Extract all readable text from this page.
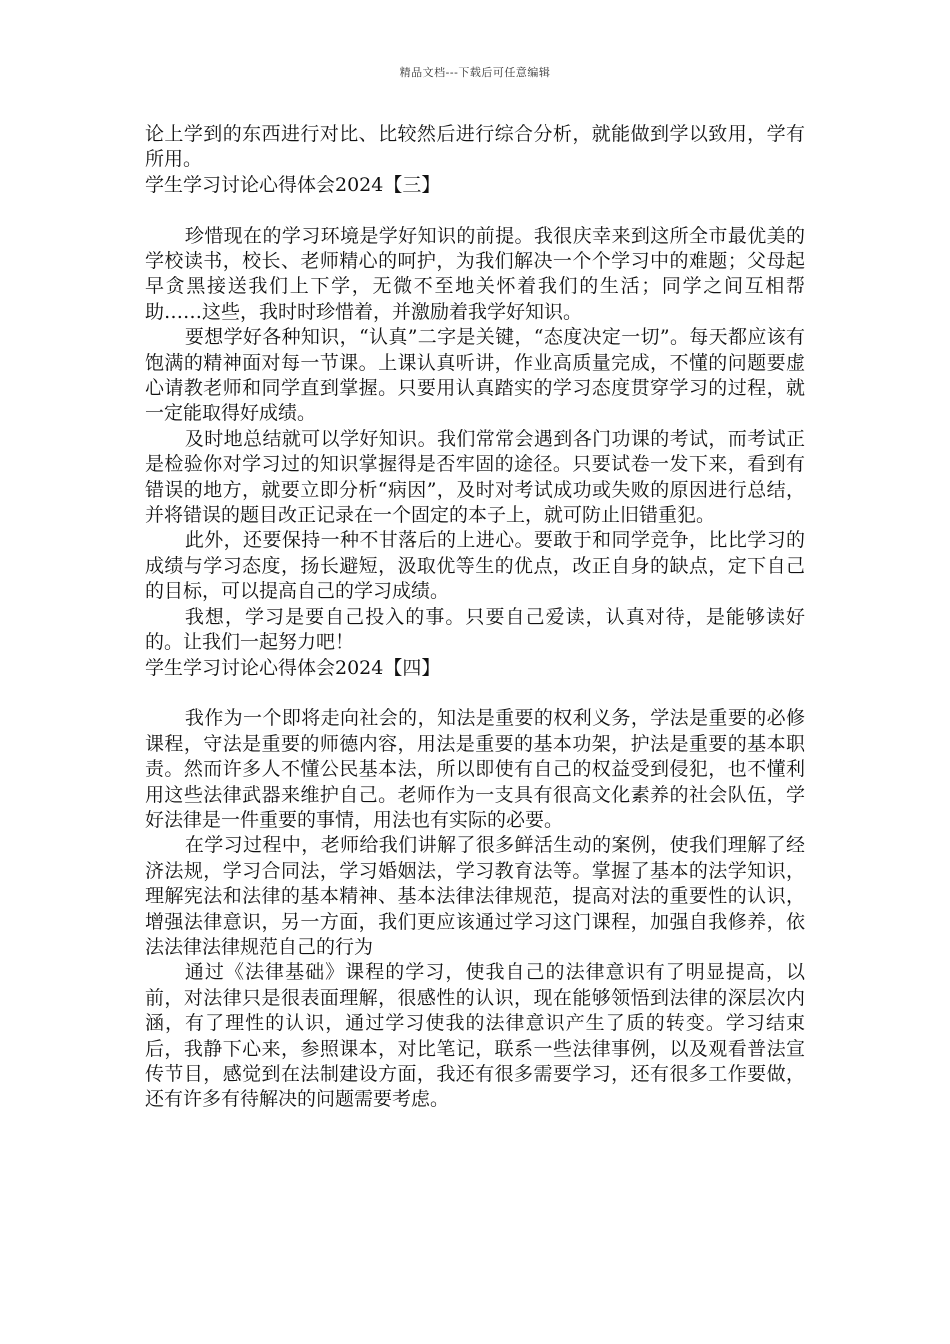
精品文档---下载后可任意编辑

论上学到的东西进行对比、比较然后进行综合分析，就能做到学以致用，学有所用。

学生学习讨论心得体会2024【三】

珍惜现在的学习环境是学好知识的前提。我很庆幸来到这所全市最优美的学校读书，校长、老师精心的呵护，为我们解决一个个学习中的难题；父母起早贪黑接送我们上下学，无微不至地关怀着我们的生活；同学之间互相帮助……这些，我时时珍惜着，并激励着我学好知识。

要想学好各种知识，“认真”二字是关键，“态度决定一切”。每天都应该有饱满的精神面对每一节课。上课认真听讲，作业高质量完成，不懂的问题要虚心请教老师和同学直到掌握。只要用认真踏实的学习态度贯穿学习的过程，就一定能取得好成绩。

及时地总结就可以学好知识。我们常常会遇到各门功课的考试，而考试正是检验你对学习过的知识掌握得是否牢固的途径。只要试卷一发下来，看到有错误的地方，就要立即分析“病因”，及时对考试成功或失败的原因进行总结，并将错误的题目改正记录在一个固定的本子上，就可防止旧错重犯。

此外，还要保持一种不甘落后的上进心。要敢于和同学竞争，比比学习的成绩与学习态度，扬长避短，汲取优等生的优点，改正自身的缺点，定下自己的目标，可以提高自己的学习成绩。

我想，学习是要自己投入的事。只要自己爱读，认真对待，是能够读好的。让我们一起努力吧！

学生学习讨论心得体会2024【四】

我作为一个即将走向社会的，知法是重要的权利义务，学法是重要的必修课程，守法是重要的师德内容，用法是重要的基本功架，护法是重要的基本职责。然而许多人不懂公民基本法，所以即使有自己的权益受到侵犯，也不懂利用这些法律武器来维护自己。老师作为一支具有很高文化素养的社会队伍，学好法律是一件重要的事情，用法也有实际的必要。

在学习过程中，老师给我们讲解了很多鲜活生动的案例，使我们理解了经济法规，学习合同法，学习婚姻法，学习教育法等。掌握了基本的法学知识，理解宪法和法律的基本精神、基本法律法律规范，提高对法的重要性的认识，增强法律意识，另一方面，我们更应该通过学习这门课程，加强自我修养，依法法律法律规范自己的行为

通过《法律基础》课程的学习，使我自己的法律意识有了明显提高，以前，对法律只是很表面理解，很感性的认识，现在能够领悟到法律的深层次内涵，有了理性的认识，通过学习使我的法律意识产生了质的转变。学习结束后，我静下心来，参照课本，对比笔记，联系一些法律事例，以及观看普法宣传节目，感觉到在法制建设方面，我还有很多需要学习，还有很多工作要做，还有许多有待解决的问题需要考虑。
